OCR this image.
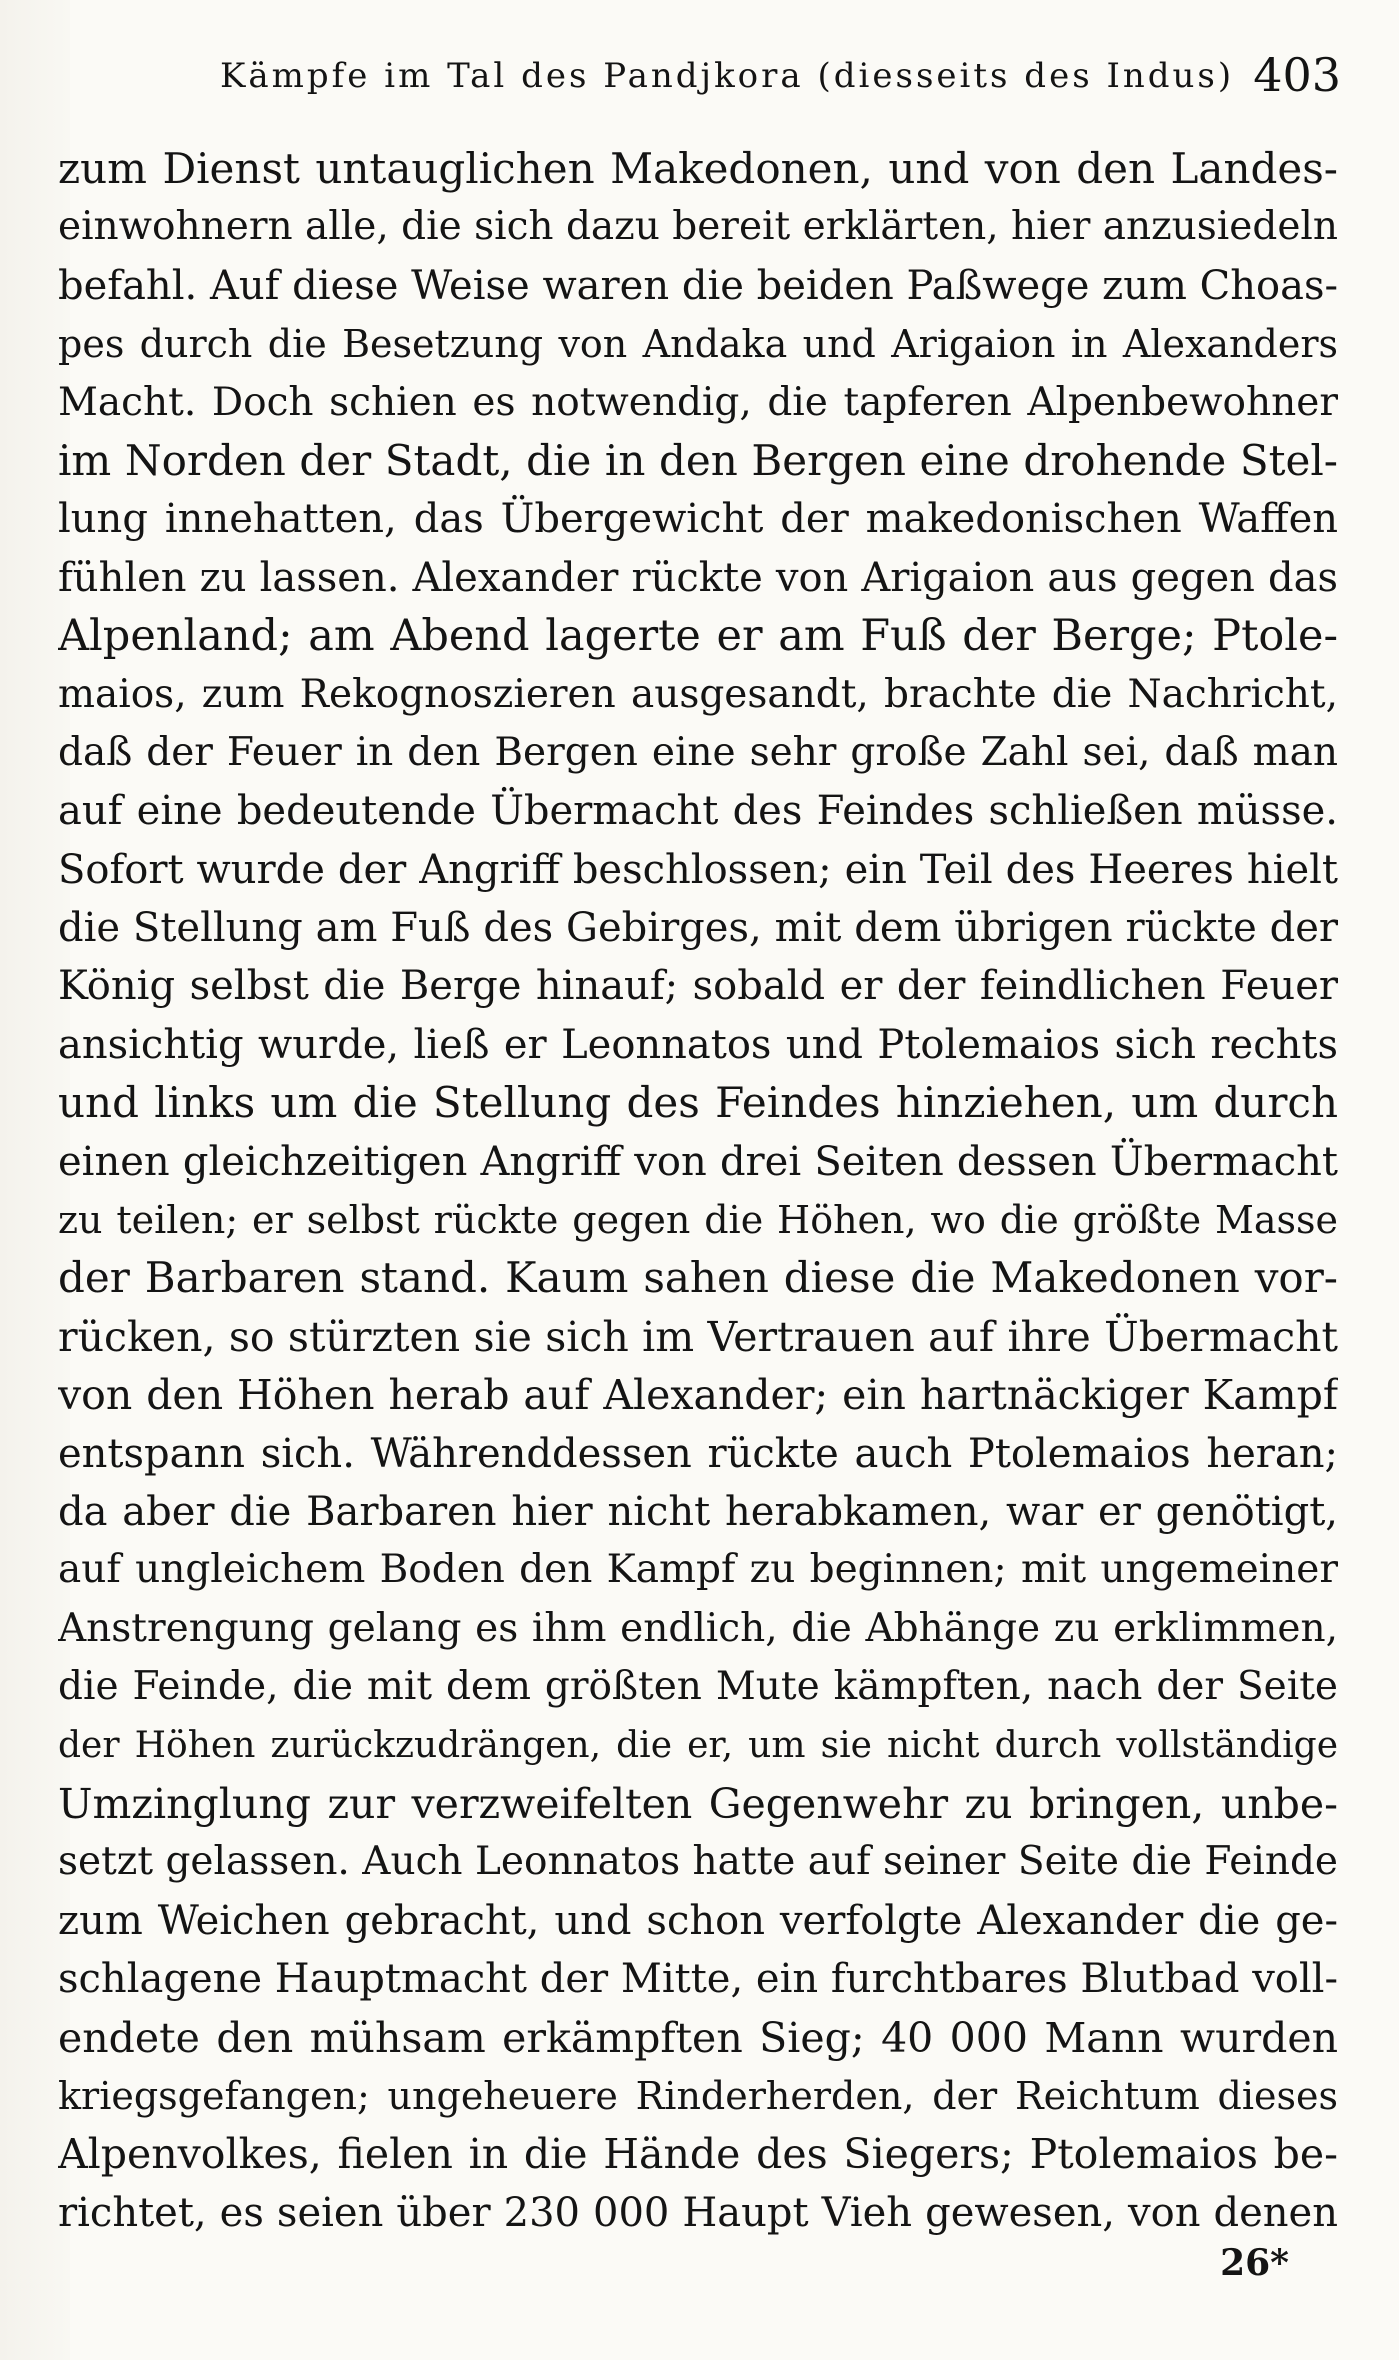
Kämpfe im Tal des Pandjkora (diesseits des Indus) 403
zum Dienst untauglichen Makedonen, und von den Landes-
einwohnern alle, die sich dazu bereit erklärten, hier anzusiedeln
befahl. Auf diese Weise waren die beiden Paßwege zum Choas-
pes durch die Besetzung von Andaka und Arigaion in Alexanders
Macht. Doch schien es notwendig, die tapferen Alpenbewohner
im Norden der Stadt, die in den Bergen eine drohende Stel-
lung innehatten, das Übergewicht der makedonischen Waffen
fühlen zu lassen. Alexander rückte von Arigaion aus gegen das
Alpenland; am Abend lagerte er am Fuß der Berge; Ptole-
maios, zum Rekognoszieren ausgesandt, brachte die Nachricht,
daß der Feuer in den Bergen eine sehr große Zahl sei, daß man
auf eine bedeutende Übermacht des Feindes schließen müsse.
Sofort wurde der Angriff beschlossen; ein Teil des Heeres hielt
die Stellung am Fuß des Gebirges, mit dem übrigen rückte der
König selbst die Berge hinauf; sobald er der feindlichen Feuer
ansichtig wurde, ließ er Leonnatos und Ptolemaios sich rechts
und links um die Stellung des Feindes hinziehen, um durch
einen gleichzeitigen Angriff von drei Seiten dessen Übermacht
zu teilen; er selbst rückte gegen die Höhen, wo die größte Masse
der Barbaren stand. Kaum sahen diese die Makedonen vor-
rücken, so stürzten sie sich im Vertrauen auf ihre Übermacht
von den Höhen herab auf Alexander; ein hartnäckiger Kampf
entspann sich. Währenddessen rückte auch Ptolemaios heran;
da aber die Barbaren hier nicht herabkamen, war er genötigt,
auf ungleichem Boden den Kampf zu beginnen; mit ungemeiner
Anstrengung gelang es ihm endlich, die Abhänge zu erklimmen,
die Feinde, die mit dem größten Mute kämpften, nach der Seite
der Höhen zurückzudrängen, die er, um sie nicht durch vollständige
Umzinglung zur verzweifelten Gegenwehr zu bringen, unbe-
setzt gelassen. Auch Leonnatos hatte auf seiner Seite die Feinde
zum Weichen gebracht, und schon verfolgte Alexander die ge-
schlagene Hauptmacht der Mitte, ein furchtbares Blutbad voll-
endete den mühsam erkämpften Sieg; 40 000 Mann wurden
kriegsgefangen; ungeheuere Rinderherden, der Reichtum dieses
Alpenvolkes, fielen in die Hände des Siegers; Ptolemaios be-
richtet, es seien über 230 000 Haupt Vieh gewesen, von denen
26*
